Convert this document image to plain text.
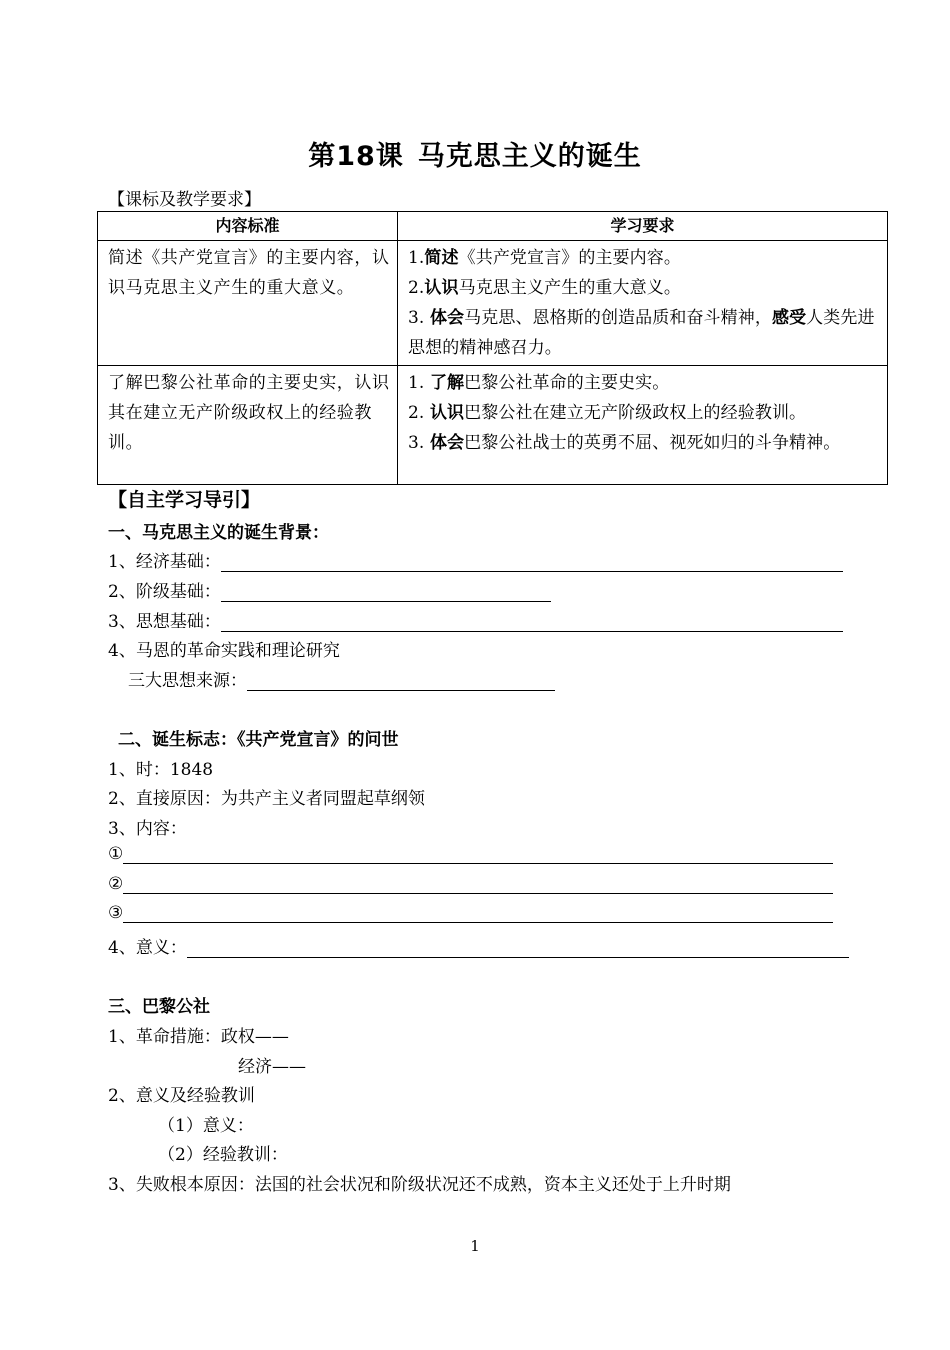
第18课 马克思主义的诞生
【课标及教学要求】
内容标准	学习要求
简述《共产党宣言》的主要内容，认识马克思主义产生的重大意义。	1.简述《共产党宣言》的主要内容。
2.认识马克思主义产生的重大意义。
3. 体会马克思、恩格斯的创造品质和奋斗精神，感受人类先进思想的精神感召力。

了解巴黎公社革命的主要史实，认识其在建立无产阶级政权上的经验教训。	1. 了解巴黎公社革命的主要史实。
2. 认识巴黎公社在建立无产阶级政权上的经验教训。
3. 体会巴黎公社战士的英勇不屈、视死如归的斗争精神。
【自主学习导引】
一、马克思主义的诞生背景：
1、经济基础：
2、阶级基础：
3、思想基础：
4、马恩的革命实践和理论研究
三大思想来源：
二、诞生标志：《共产党宣言》的问世
1、时：1848
2、直接原因：为共产主义者同盟起草纲领
3、内容：
①
②
③
4、意义：
三、巴黎公社
1、革命措施：政权——
经济——
2、意义及经验教训
（1）意义：
（2）经验教训：
3、失败根本原因：法国的社会状况和阶级状况还不成熟，资本主义还处于上升时期
1
